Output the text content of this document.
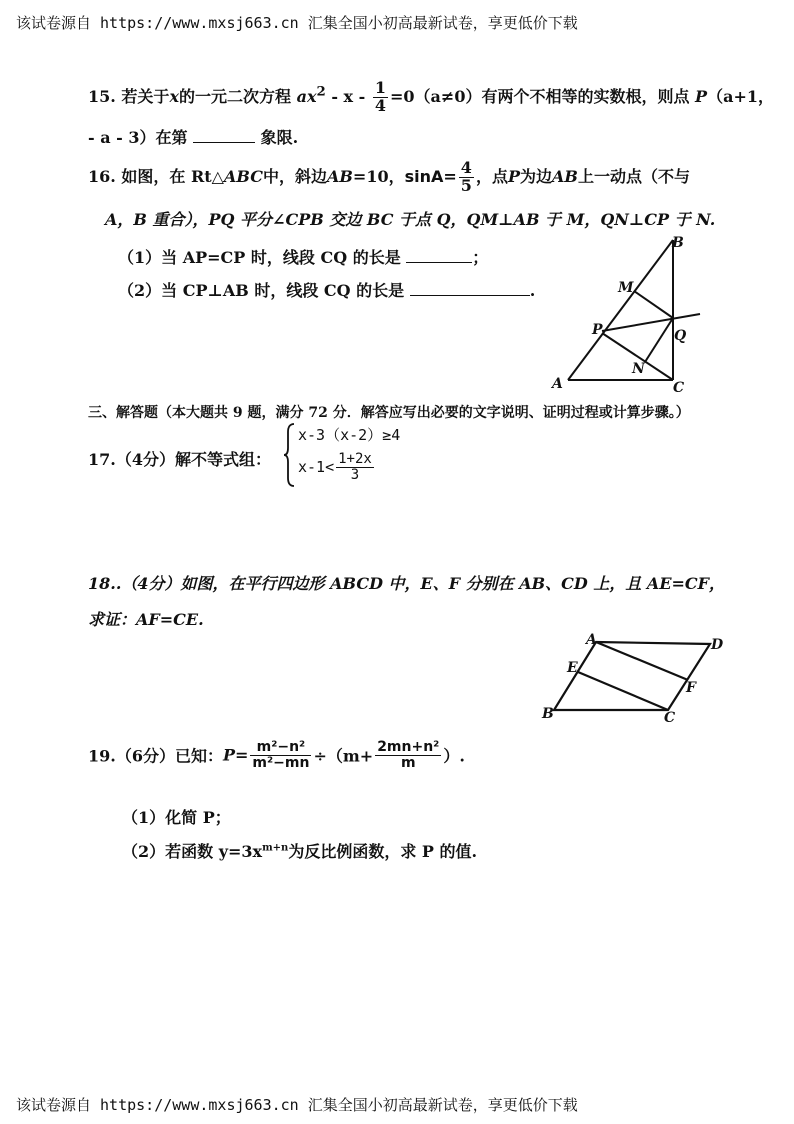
该试卷源自 https://www.mxsj663.cn 汇集全国小初高最新试卷，享更低价下载
15. 若关于x的一元二次方程 $ax^2 - x - \frac{1}{4} =0(a\ne 0)$有两个不相等的实数根，则点 P（a+1，
- a - 3）在第	象限.
16. 如图，在 Rt△ABC中，斜边AB=10，$\sin A= \frac{4}{5}$ ，点P为边AB上一动点（不与
A，B 重合），PQ 平分∠CPB 交边 BC 于点 Q，QM⊥AB 于 M，QN⊥CP 于 N.
（1）当 AP=CP 时，线段 CQ 的长是	；
（2）当 CP⊥AB 时，线段 CQ 的长是	.
B
M
P	Q
N
A	C
三、解答题（本大题共 9 题，满分 72 分．解答应写出必要的文字说明、证明过程或计算步骤。）
17.（4分）解不等式组：
x-3（x-2）≥4
$x-1< \frac{1+2x}{3}$
18..（4分）如图，在平行四边形 ABCD 中，E、F 分别在 AB、CD 上，且 AE=CF，
求证：AF=CE.
A	D
E
F
B	C
19.（6分）已知：$P= \frac{\text{m²−n²}}{\text{m²−mn}} \div(m+ \frac{\text{2mn+n²}}{m}$ ）.
（1）化简 P；
（2）若函数 $y=3x^{m+n}$为反比例函数，求 P 的值.
该试卷源自 https://www.mxsj663.cn 汇集全国小初高最新试卷，享更低价下载
